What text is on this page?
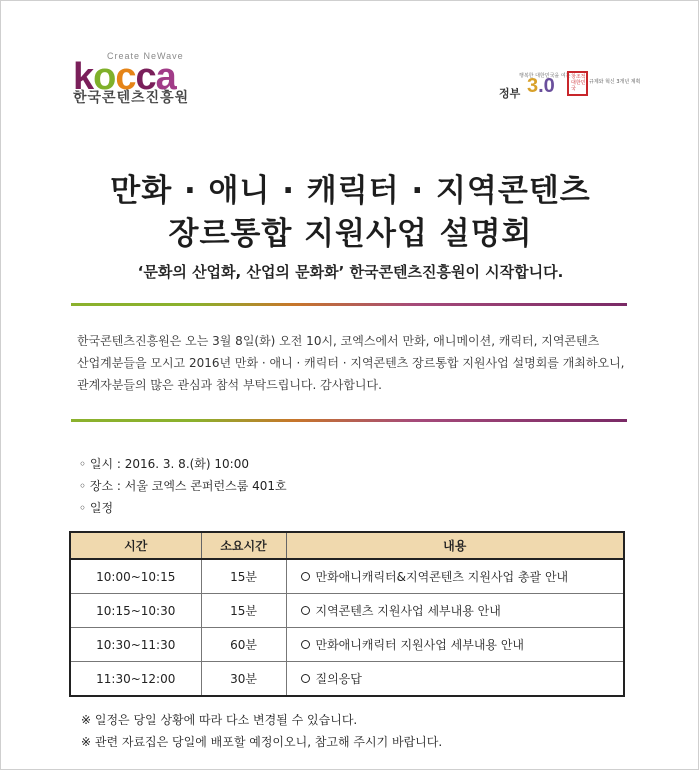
Create NeWave
kocca
한국콘텐츠진흥원
행복한 대한민국을 여는
정부 3.0	창조적 대한민국
규제와 혁신 3개년 계획
만화 · 애니 · 캐릭터 · 지역콘텐츠
장르통합 지원사업 설명회
‘문화의 산업화, 산업의 문화화’ 한국콘텐츠진흥원이 시작합니다.

한국콘텐츠진흥원은 오는 3월 8일(화) 오전 10시, 코엑스에서 만화, 애니메이션, 캐릭터, 지역콘텐츠

산업계분들을 모시고 2016년 만화 · 애니 · 캐릭터 · 지역콘텐츠 장르통합 지원사업 설명회를 개최하오니,

관계자분들의 많은 관심과 참석 부탁드립니다. 감사합니다.

◦ 일시 : 2016. 3. 8.(화) 10:00
◦ 장소 : 서울 코엑스 콘퍼런스룸 401호
◦ 일정
시간	소요시간	내용
10:00~10:15	15분	만화애니캐릭터&지역콘텐츠 지원사업 총괄 안내
10:15~10:30	15분	지역콘텐츠 지원사업 세부내용 안내
10:30~11:30	60분	만화애니캐릭터 지원사업 세부내용 안내
11:30~12:00	30분	질의응답
※ 일정은 당일 상황에 따라 다소 변경될 수 있습니다.
※ 관련 자료집은 당일에 배포할 예정이오니, 참고해 주시기 바랍니다.
